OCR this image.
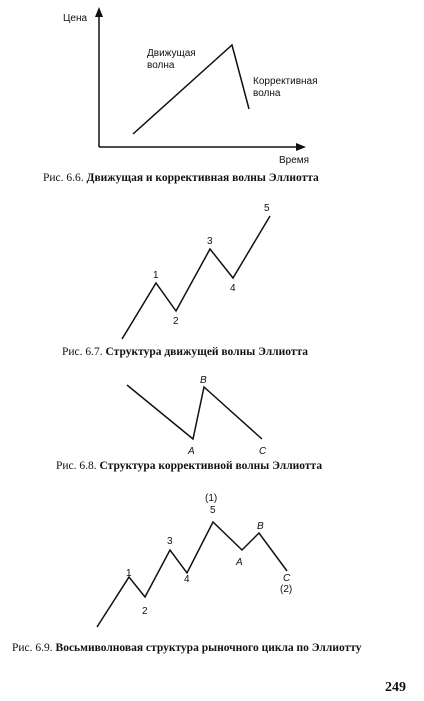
Цена
Время
Движущая
волна
Коррективная
волна
Рис. 6.6. Движущая и коррективная волны Эллиотта
1
2
3
4
5
Рис. 6.7. Структура движущей волны Эллиотта
A
B
C
Рис. 6.8. Структура коррективной волны Эллиотта
(1)
1
2
3
4
5
A
B
C
(2)
Рис. 6.9. Восьмиволновая структура рыночного цикла по Эллиотту
249
